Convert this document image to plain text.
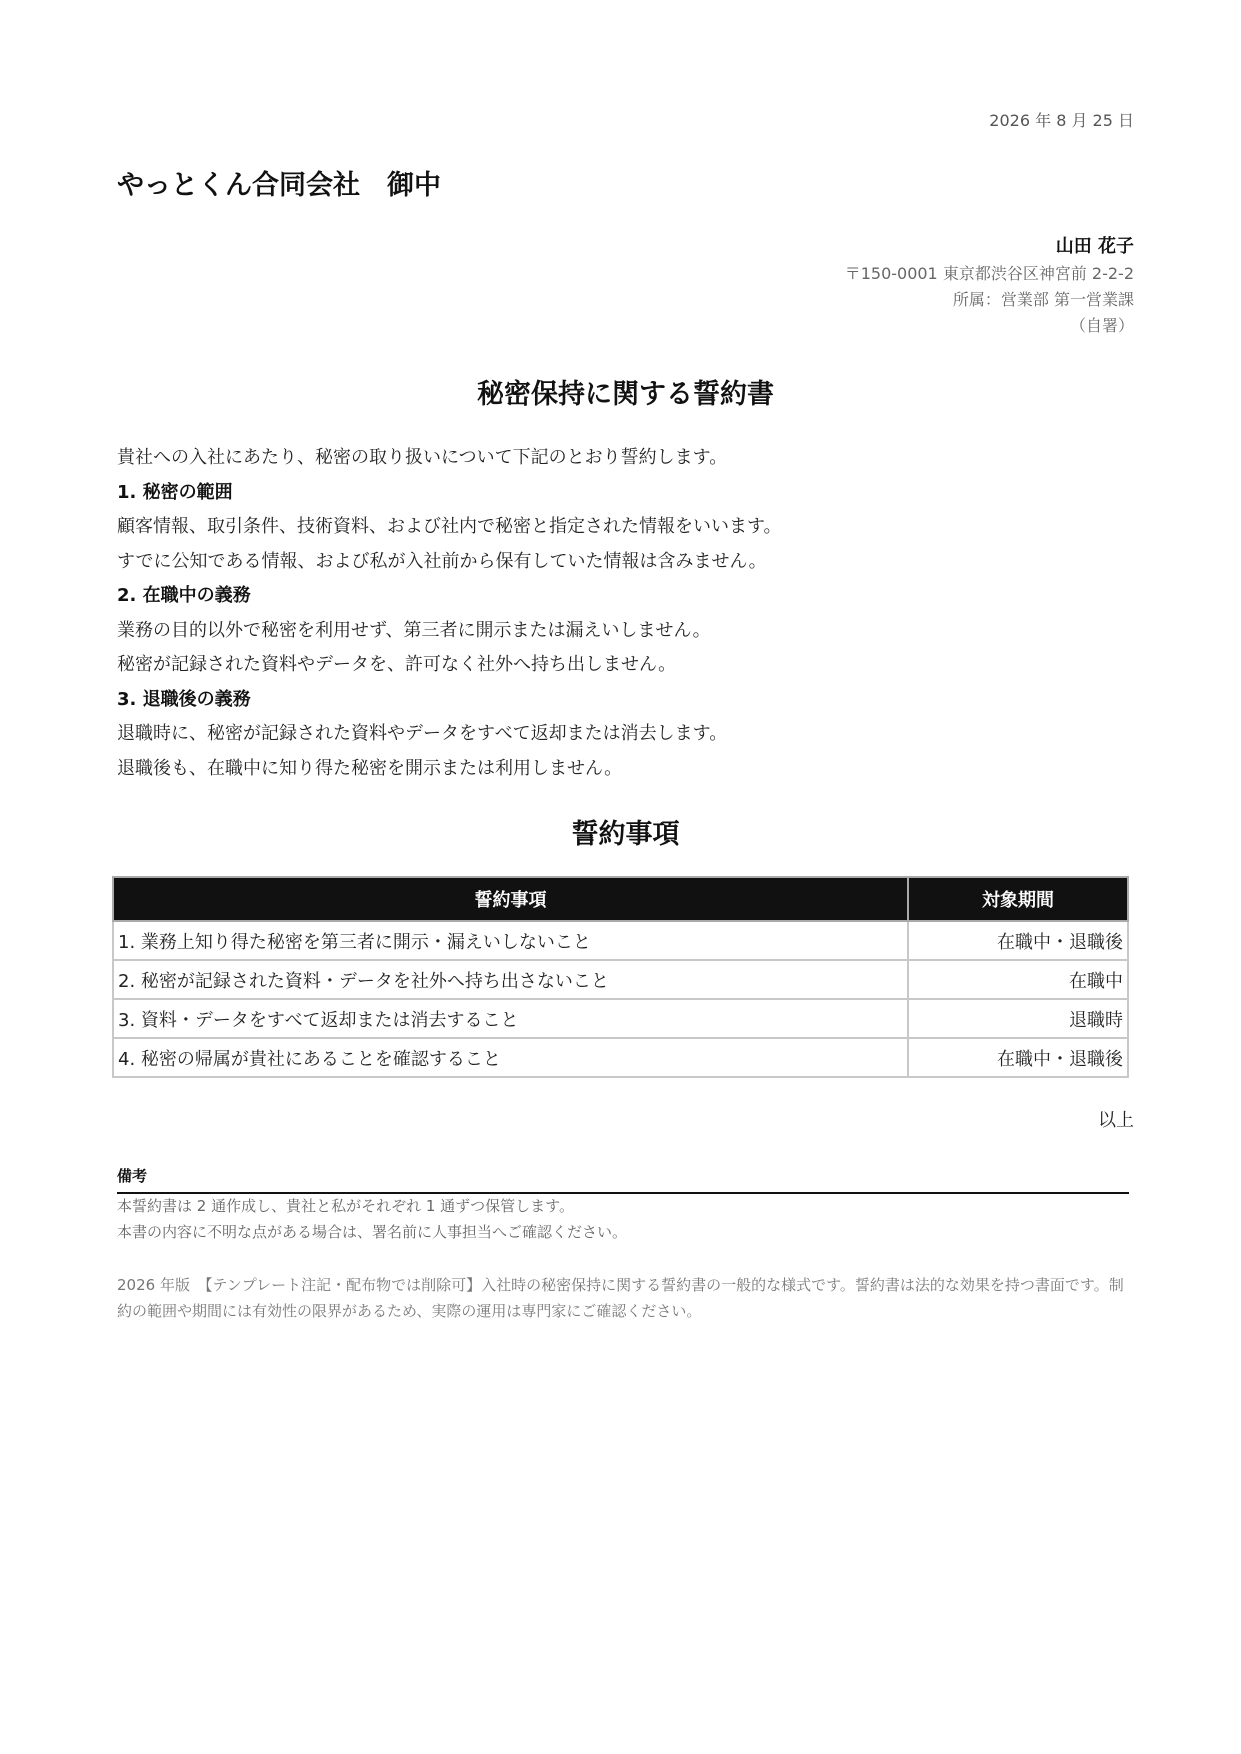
2026 年 8 月 25 日
やっとくん合同会社　御中
山田 花子
〒150-0001 東京都渋谷区神宮前 2-2-2
所属：営業部 第一営業課
（自署）
秘密保持に関する誓約書
貴社への入社にあたり、秘密の取り扱いについて下記のとおり誓約します。
1. 秘密の範囲
顧客情報、取引条件、技術資料、および社内で秘密と指定された情報をいいます。
すでに公知である情報、および私が入社前から保有していた情報は含みません。
2. 在職中の義務
業務の目的以外で秘密を利用せず、第三者に開示または漏えいしません。
秘密が記録された資料やデータを、許可なく社外へ持ち出しません。
3. 退職後の義務
退職時に、秘密が記録された資料やデータをすべて返却または消去します。
退職後も、在職中に知り得た秘密を開示または利用しません。
誓約事項
誓約事項	対象期間
1. 業務上知り得た秘密を第三者に開示・漏えいしないこと	在職中・退職後
2. 秘密が記録された資料・データを社外へ持ち出さないこと	在職中
3. 資料・データをすべて返却または消去すること	退職時
4. 秘密の帰属が貴社にあることを確認すること	在職中・退職後
以上
備考
本誓約書は 2 通作成し、貴社と私がそれぞれ 1 通ずつ保管します。
本書の内容に不明な点がある場合は、署名前に人事担当へご確認ください。
2026 年版　【テンプレート注記・配布物では削除可】入社時の秘密保持に関する誓約書の一般的な様式です。誓約書は法的な効果を持つ書面です。制約の範囲や期間には有効性の限界があるため、実際の運用は専門家にご確認ください。
